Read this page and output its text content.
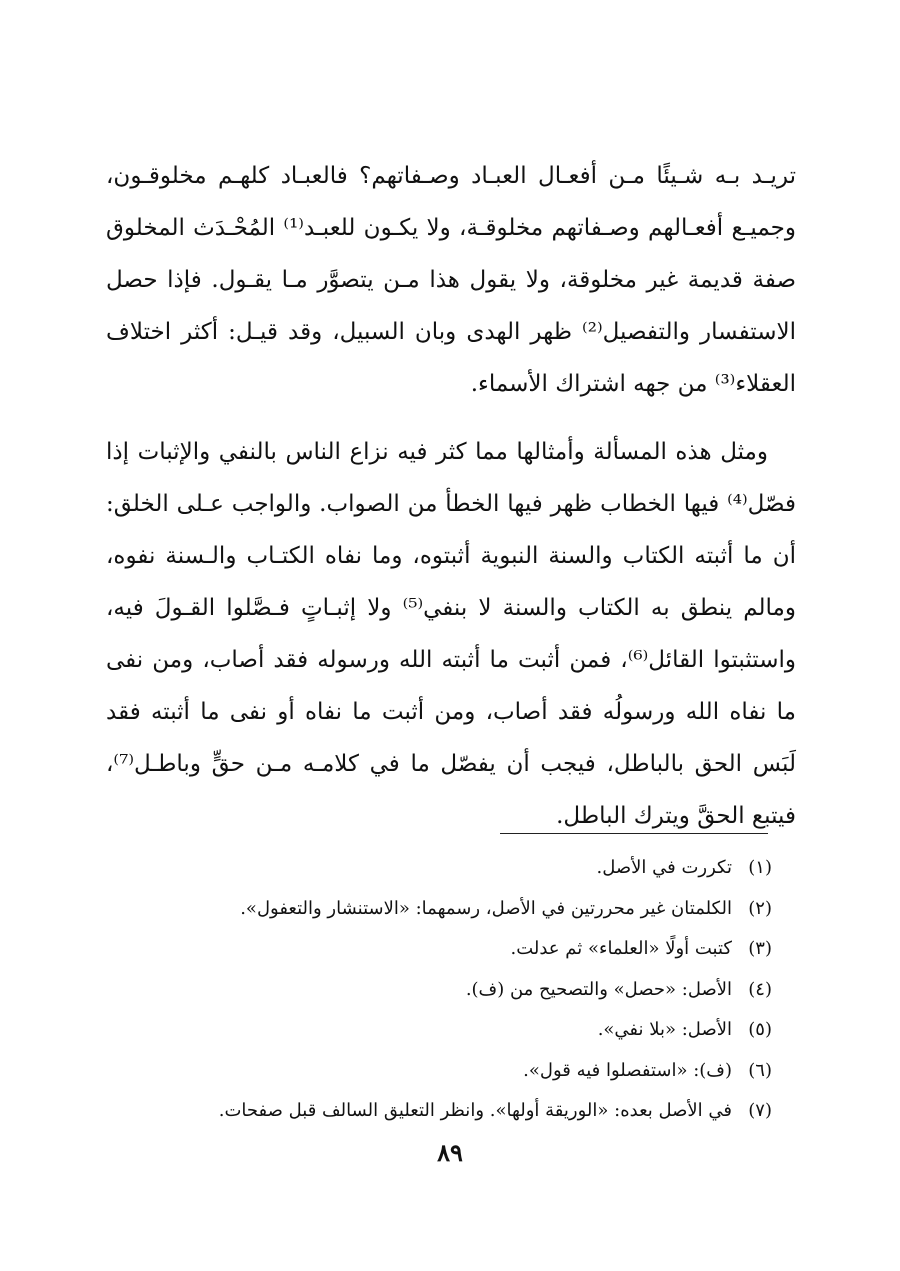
تريـد بـه شـيئًا مـن أفعـال العبـاد وصـفاتهم؟ فالعبـاد كلهـم مخلوقـون، وجميـع أفعـالهم وصـفاتهم مخلوقـة، ولا يكـون للعبـد⁽¹⁾ المُحْـدَث المخلوق صفة قديمة غير مخلوقة، ولا يقول هذا مـن يتصوَّر مـا يقـول. فإذا حصل الاستفسار والتفصيل⁽²⁾ ظهر الهدى وبان السبيل، وقد قيـل: أكثر اختلاف العقلاء⁽³⁾ من جهه اشتراك الأسماء.

ومثل هذه المسألة وأمثالها مما كثر فيه نزاع الناس بالنفي والإثبات إذا فصّل⁽⁴⁾ فيها الخطاب ظهر فيها الخطأ من الصواب. والواجب عـلى الخلق: أن ما أثبته الكتاب والسنة النبوية أثبتوه، وما نفاه الكتـاب والـسنة نفوه، ومالم ينطق به الكتاب والسنة لا بنفي⁽⁵⁾ ولا إثبـاتٍ فـصَّلوا القـولَ فيه، واستثبتوا القائل⁽⁶⁾، فمن أثبت ما أثبته الله ورسوله فقد أصاب، ومن نفى ما نفاه الله ورسولُه فقد أصاب، ومن أثبت ما نفاه أو نفى ما أثبته فقد لَبَس الحق بالباطل، فيجب أن يفصّل ما في كلامـه مـن حقٍّ وباطـل⁽⁷⁾، فيتبع الحقَّ ويترك الباطل.

(١)تكررت في الأصل.
(٢)الكلمتان غير محررتين في الأصل، رسمهما: «الاستنشار والتعفول».
(٣)كتبت أولًا «العلماء» ثم عدلت.
(٤)الأصل: «حصل» والتصحيح من (ف).
(٥)الأصل: «بلا نفي».
(٦)(ف): «استفصلوا فيه قول».
(٧)في الأصل بعده: «الوريقة أولها». وانظر التعليق السالف قبل صفحات.
٨٩
